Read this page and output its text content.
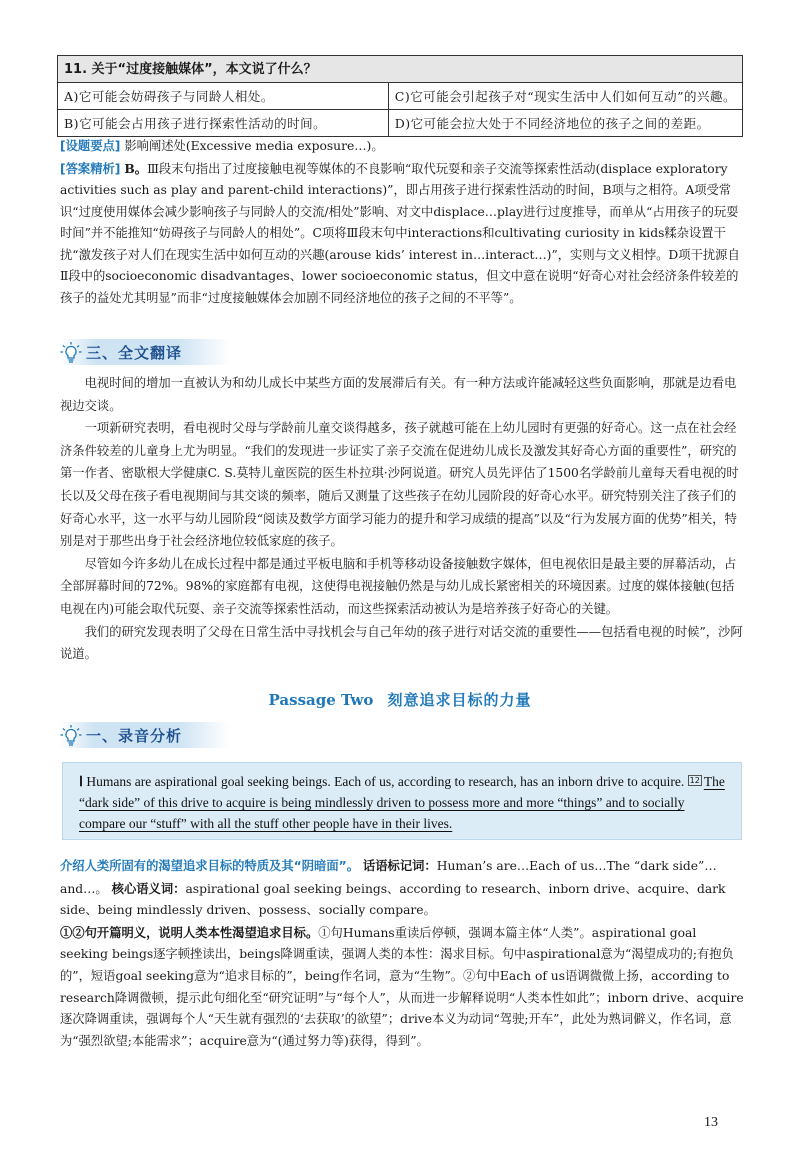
11. 关于“过度接触媒体”，本文说了什么？	
A)它可能会妨碍孩子与同龄人相处。	C)它可能会引起孩子对“现实生活中人们如何互动”的兴趣。
B)它可能会占用孩子进行探索性活动的时间。	D)它可能会拉大处于不同经济地位的孩子之间的差距。
[设题要点] 影响阐述处(Excessive media exposure…)。
[答案精析] B。Ⅲ段末句指出了过度接触电视等媒体的不良影响“取代玩耍和亲子交流等探索性活动(displace exploratory activities such as play and parent-child interactions)”，即占用孩子进行探索性活动的时间，B项与之相符。A项受常识“过度使用媒体会减少影响孩子与同龄人的交流/相处”影响、对文中displace…play进行过度推导，而单从“占用孩子的玩耍时间”并不能推知“妨碍孩子与同龄人的相处”。C项将Ⅲ段末句中interactions和cultivating curiosity in kids糅杂设置干扰“激发孩子对人们在现实生活中如何互动的兴趣(arouse kids’ interest in…interact…)”，实则与文义相悖。D项干扰源自Ⅱ段中的socioeconomic disadvantages、lower socioeconomic status，但文中意在说明“好奇心对社会经济条件较差的孩子的益处尤其明显”而非“过度接触媒体会加剧不同经济地位的孩子之间的不平等”。
三、全文翻译

电视时间的增加一直被认为和幼儿成长中某些方面的发展滞后有关。有一种方法或许能减轻这些负面影响，那就是边看电视边交谈。

一项新研究表明，看电视时父母与学龄前儿童交谈得越多，孩子就越可能在上幼儿园时有更强的好奇心。这一点在社会经济条件较差的儿童身上尤为明显。“我们的发现进一步证实了亲子交流在促进幼儿成长及激发其好奇心方面的重要性”，研究的第一作者、密歇根大学健康C. S.莫特儿童医院的医生朴拉琪·沙阿说道。研究人员先评估了1500名学龄前儿童每天看电视的时长以及父母在孩子看电视期间与其交谈的频率，随后又测量了这些孩子在幼儿园阶段的好奇心水平。研究特别关注了孩子们的好奇心水平，这一水平与幼儿园阶段“阅读及数学方面学习能力的提升和学习成绩的提高”以及“行为发展方面的优势”相关，特别是对于那些出身于社会经济地位较低家庭的孩子。

尽管如今许多幼儿在成长过程中都是通过平板电脑和手机等移动设备接触数字媒体，但电视依旧是最主要的屏幕活动，占全部屏幕时间的72%。98%的家庭都有电视，这使得电视接触仍然是与幼儿成长紧密相关的环境因素。过度的媒体接触(包括电视在内)可能会取代玩耍、亲子交流等探索性活动，而这些探索活动被认为是培养孩子好奇心的关键。

我们的研究发现表明了父母在日常生活中寻找机会与自己年幼的孩子进行对话交流的重要性——包括看电视的时候”，沙阿说道。

Passage Two 刻意追求目标的力量
一、录音分析

Ⅰ Humans are aspirational goal seeking beings. Each of us, according to research, has an inborn drive to acquire. 12 The “dark side” of this drive to acquire is being mindlessly driven to possess more and more “things” and to socially compare our “stuff” with all the stuff other people have in their lives.

介绍人类所固有的渴望追求目标的特质及其“阴暗面”。 话语标记词：Human’s are…Each of us…The “dark side”… and…。 核心语义词：aspirational goal seeking beings、according to research、inborn drive、acquire、dark side、being mindlessly driven、possess、socially compare。
①②句开篇明义，说明人类本性渴望追求目标。①句Humans重读后停顿，强调本篇主体“人类”。aspirational goal seeking beings逐字顿挫读出，beings降调重读，强调人类的本性：渴求目标。句中aspirational意为“渴望成功的;有抱负的”，短语goal seeking意为“追求目标的”，being作名词，意为“生物”。②句中Each of us语调微微上扬，according to research降调微顿，提示此句细化至“研究证明”与“每个人”，从而进一步解释说明“人类本性如此”；inborn drive、acquire逐次降调重读，强调每个人“天生就有强烈的‘去获取’的欲望”；drive本义为动词“驾驶;开车”，此处为熟词僻义，作名词，意为“强烈欲望;本能需求”；acquire意为“(通过努力等)获得，得到”。
13
